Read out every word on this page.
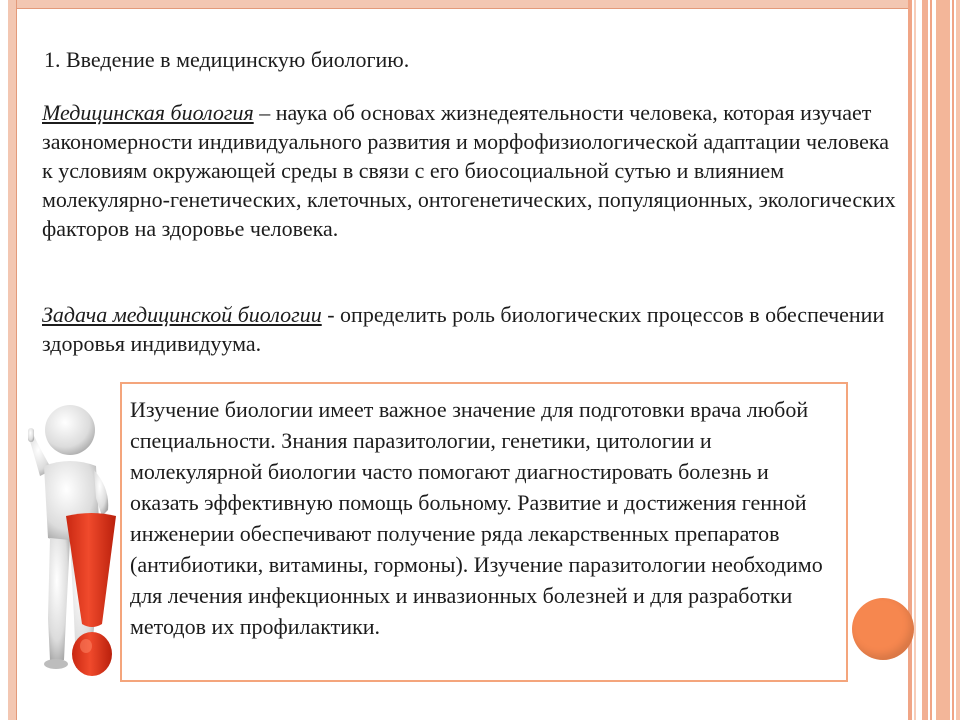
1. Введение в медицинскую биологию.

Медицинская биология – наука об основах жизнедеятельности человека, которая изучает закономерности индивидуального развития и морфофизиологической адаптации человека к условиям окружающей среды в связи с его биосоциальной сутью и влиянием молекулярно-генетических, клеточных, онтогенетических, популяционных, экологических факторов на здоровье человека.

Задача медицинской биологии - определить роль биологических процессов в обеспечении здоровья индивидуума.

Изучение биологии имеет важное значение для подготовки врача любой специальности. Знания паразитологии, генетики, цитологии и молекулярной биологии часто помогают диагностировать болезнь и оказать эффективную помощь больному. Развитие и достижения генной инженерии обеспечивают получение ряда лекарственных препаратов (антибиотики, витамины, гормоны). Изучение паразитологии необходимо для лечения инфекционных и инвазионных болезней и для разработки методов их профилактики.
